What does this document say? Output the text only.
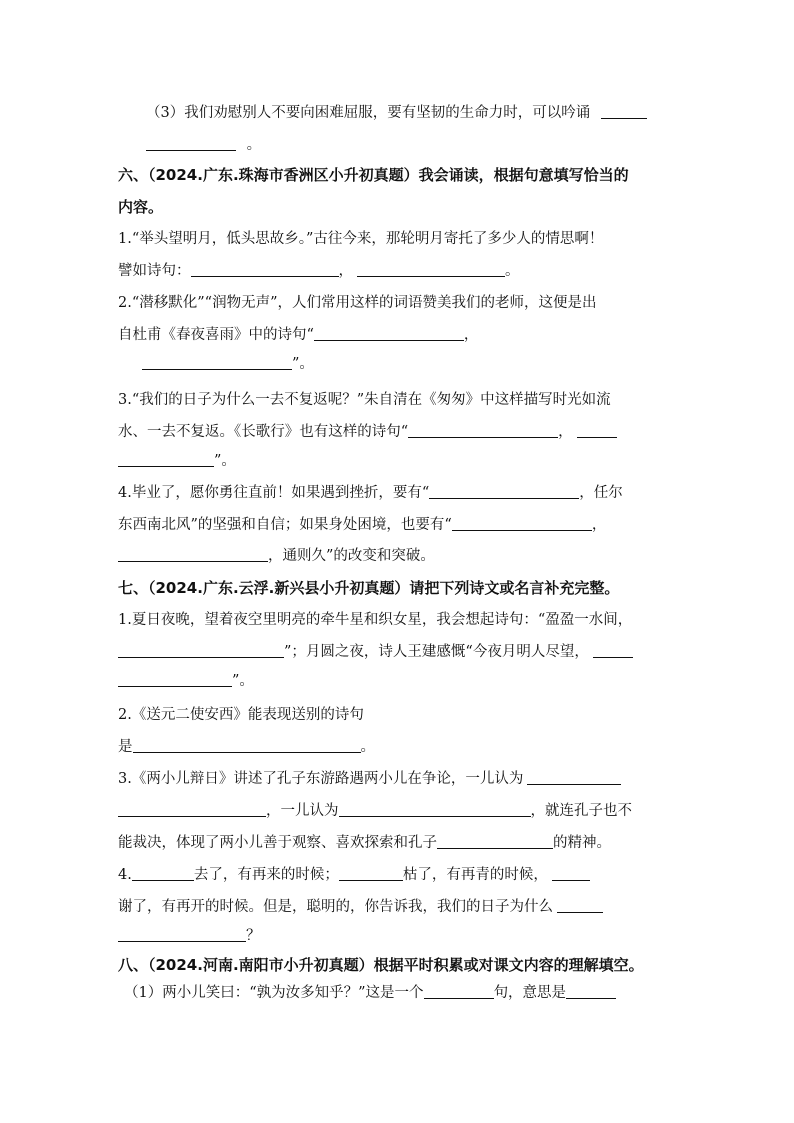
（3）我们劝慰别人不要向困难屈服，要有坚韧的生命力时，可以吟诵
。
六、（2024.广东.珠海市香洲区小升初真题）我会诵读，根据句意填写恰当的
内容。
1.“举头望明月，低头思故乡。”古往今来，那轮明月寄托了多少人的情思啊！
譬如诗句：	，	。
2.“潜移默化”“润物无声”，人们常用这样的词语赞美我们的老师，这便是出
自杜甫《春夜喜雨》中的诗句“	，
”。
3.“我们的日子为什么一去不复返呢？”朱自清在《匆匆》中这样描写时光如流
水、一去不复返。《长歌行》也有这样的诗句“	，
”。
4.毕业了，愿你勇往直前！如果遇到挫折，要有“	，任尔
东西南北风”的坚强和自信；如果身处困境，也要有“	，
，通则久”的改变和突破。
七、（2024.广东.云浮.新兴县小升初真题）请把下列诗文或名言补充完整。
1.夏日夜晚，望着夜空里明亮的牵牛星和织女星，我会想起诗句：“盈盈一水间，
”；月圆之夜，诗人王建感慨“今夜月明人尽望，
”。
2.《送元二使安西》能表现送别的诗句
是	。
3.《两小儿辩日》讲述了孔子东游路遇两小儿在争论，一儿认为
，一儿认为	，就连孔子也不
能裁决，体现了两小儿善于观察、喜欢探索和孔子	的精神。
4.	去了，有再来的时候；	枯了，有再青的时候，
谢了，有再开的时候。但是，聪明的，你告诉我，我们的日子为什么
？
八、（2024.河南.南阳市小升初真题）根据平时积累或对课文内容的理解填空。
（1）两小儿笑曰：“孰为汝多知乎？”这是一个	句，意思是
